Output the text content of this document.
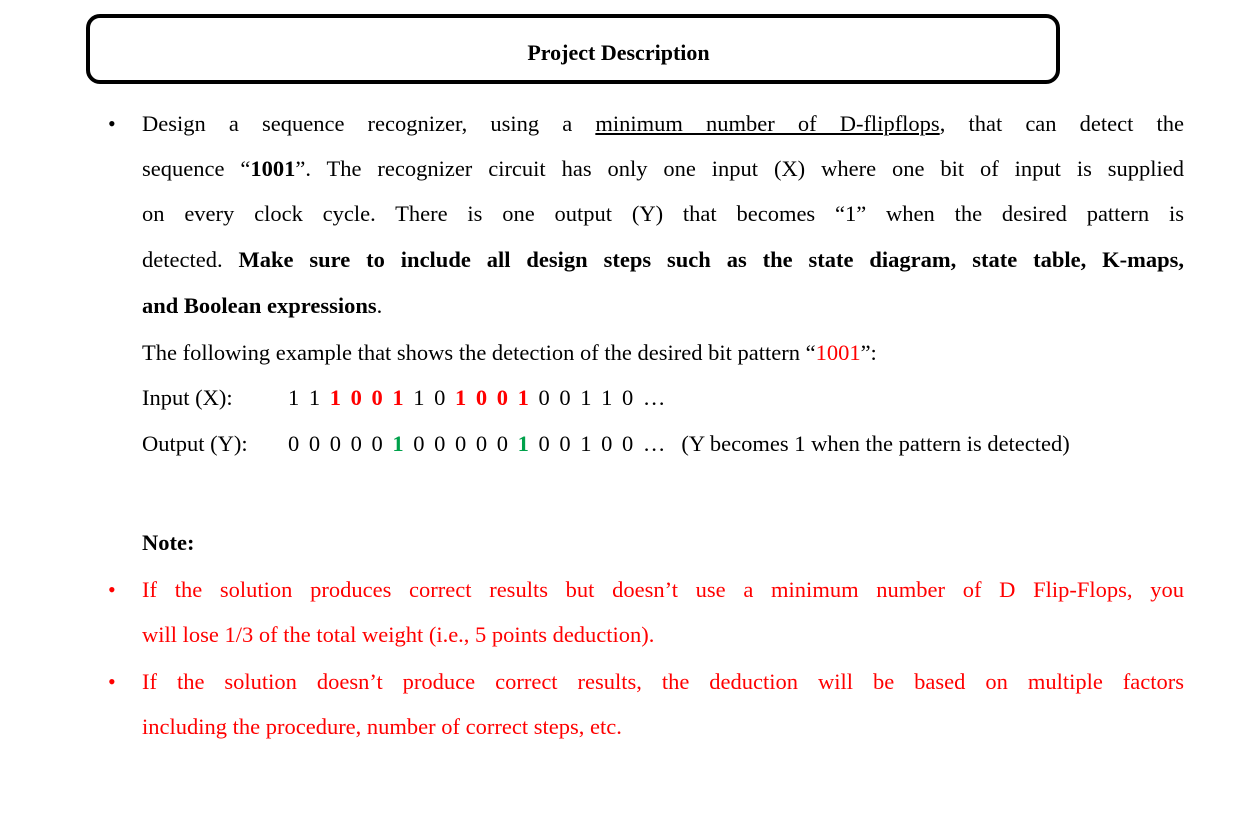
Project Description
• Design a sequence recognizer, using a minimum number of D-flipflops, that can detect the
sequence “1001”. The recognizer circuit has only one input (X) where one bit of input is supplied
on every clock cycle. There is one output (Y) that becomes “1” when the desired pattern is
detected. Make sure to include all design steps such as the state diagram, state table, K-maps,
and Boolean expressions.
The following example that shows the detection of the desired bit pattern “1001”:
Input (X): 1 1 1 0 0 1 1 0 1 0 0 1 0 0 1 1 0 …
Output (Y): 0 0 0 0 0 1 0 0 0 0 0 1 0 0 1 0 0 … (Y becomes 1 when the pattern is detected)
Note:
• If the solution produces correct results but doesn’t use a minimum number of D Flip-Flops, you
will lose 1/3 of the total weight (i.e., 5 points deduction).
• If the solution doesn’t produce correct results, the deduction will be based on multiple factors
including the procedure, number of correct steps, etc.
